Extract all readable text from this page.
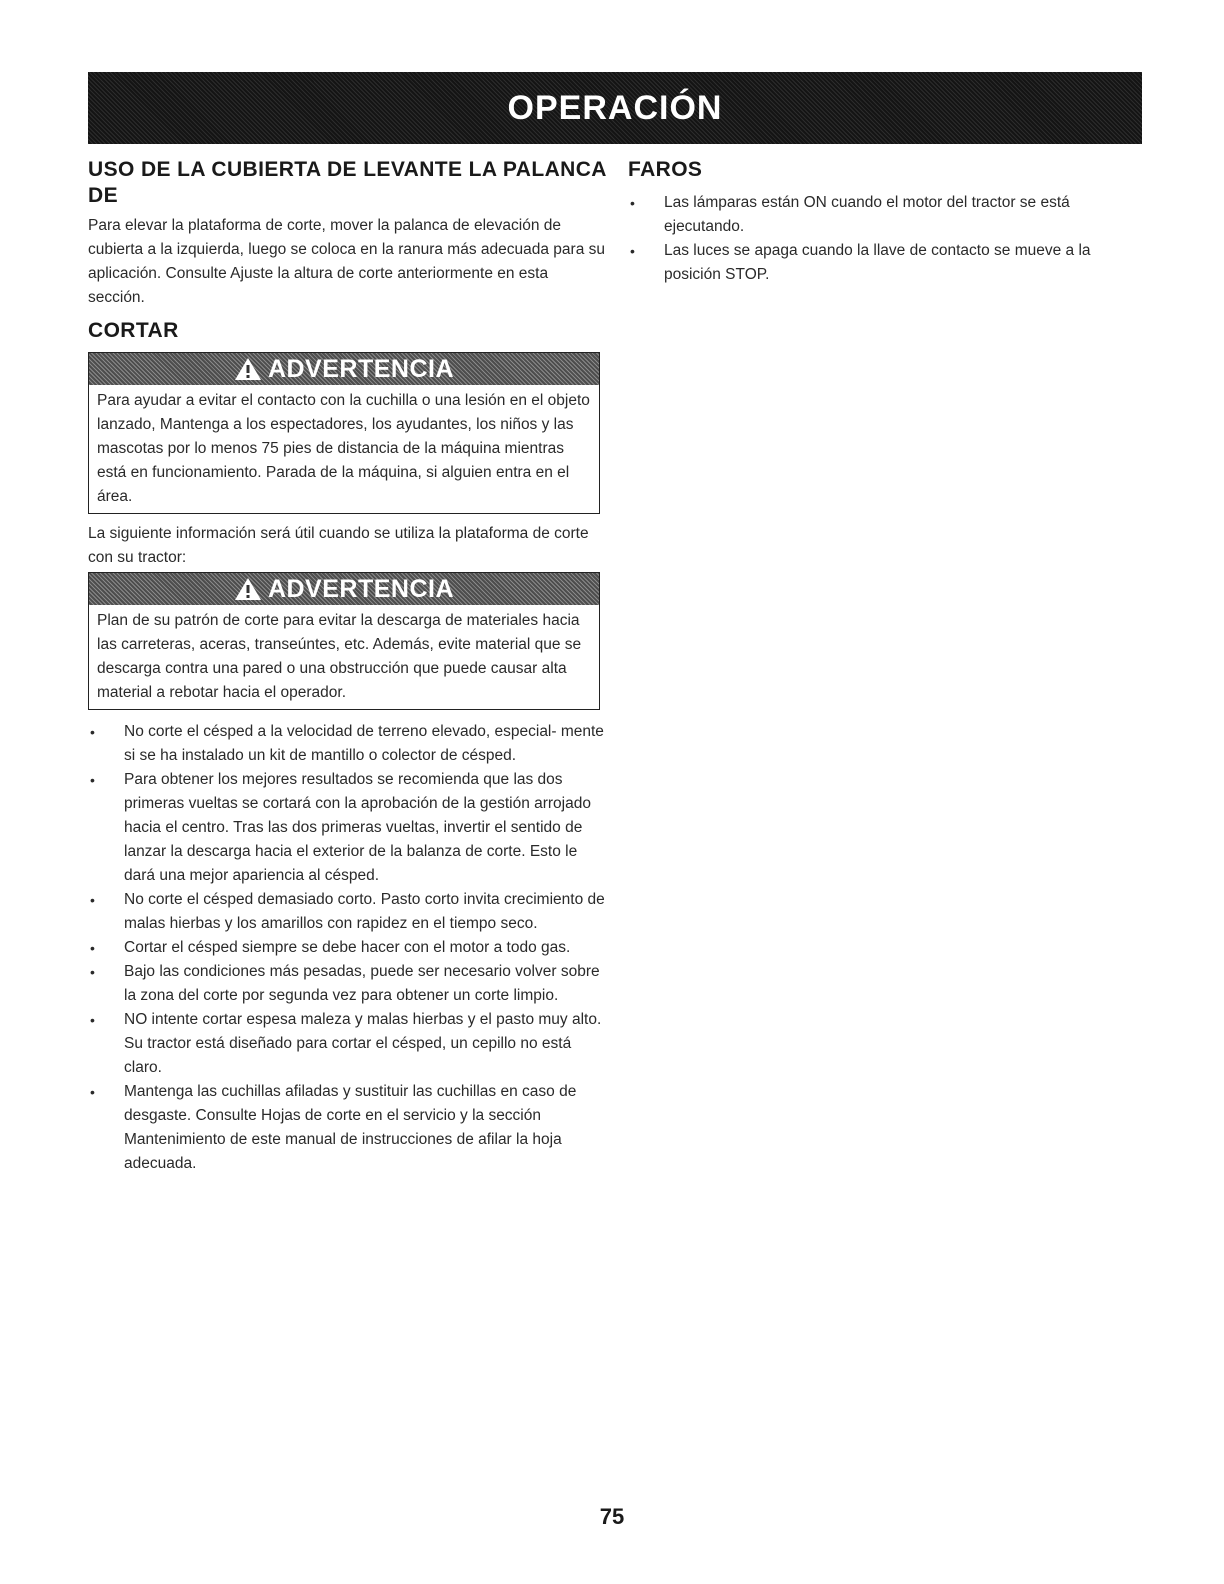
OPERACIÓN
USO DE LA CUBIERTA DE LEVANTE LA PALANCA DE

Para elevar la plataforma de corte, mover la palanca de elevación de cubierta a la izquierda, luego se coloca en la ranura más adecuada para su aplicación. Consulte Ajuste la altura de corte anteriormente en esta sección.

CORTAR
ADVERTENCIA
Para ayudar a evitar el contacto con la cuchilla o una lesión en el objeto lanzado, Mantenga a los espectadores, los ayudantes, los niños y las mascotas por lo menos 75 pies de distancia de la máquina mientras está en funcionamiento. Parada de la máquina, si alguien entra en el área.

La siguiente información será útil cuando se utiliza la plataforma de corte con su tractor:

ADVERTENCIA
Plan de su patrón de corte para evitar la descarga de materiales hacia las carreteras, aceras, transeúntes, etc. Además, evite material que se descarga contra una pared o una obstrucción que puede causar alta material a rebotar hacia el operador.
• No corte el césped a la velocidad de terreno elevado, especial- mente si se ha instalado un kit de mantillo o colector de césped.
• Para obtener los mejores resultados se recomienda que las dos primeras vueltas se cortará con la aprobación de la gestión arrojado hacia el centro. Tras las dos primeras vueltas, invertir el sentido de lanzar la descarga hacia el exterior de la balanza de corte. Esto le dará una mejor apariencia al césped.
• No corte el césped demasiado corto. Pasto corto invita crecimiento de malas hierbas y los amarillos con rapidez en el tiempo seco.
• Cortar el césped siempre se debe hacer con el motor a todo gas.
• Bajo las condiciones más pesadas, puede ser necesario volver sobre la zona del corte por segunda vez para obtener un corte limpio.
• NO intente cortar espesa maleza y malas hierbas y el pasto muy alto. Su tractor está diseñado para cortar el césped, un cepillo no está claro.
• Mantenga las cuchillas afiladas y sustituir las cuchillas en caso de desgaste. Consulte Hojas de corte en el servicio y la sección Mantenimiento de este manual de instrucciones de afilar la hoja adecuada.
FAROS
• Las lámparas están ON cuando el motor del tractor se está ejecutando.
• Las luces se apaga cuando la llave de contacto se mueve a la posición STOP.
75
